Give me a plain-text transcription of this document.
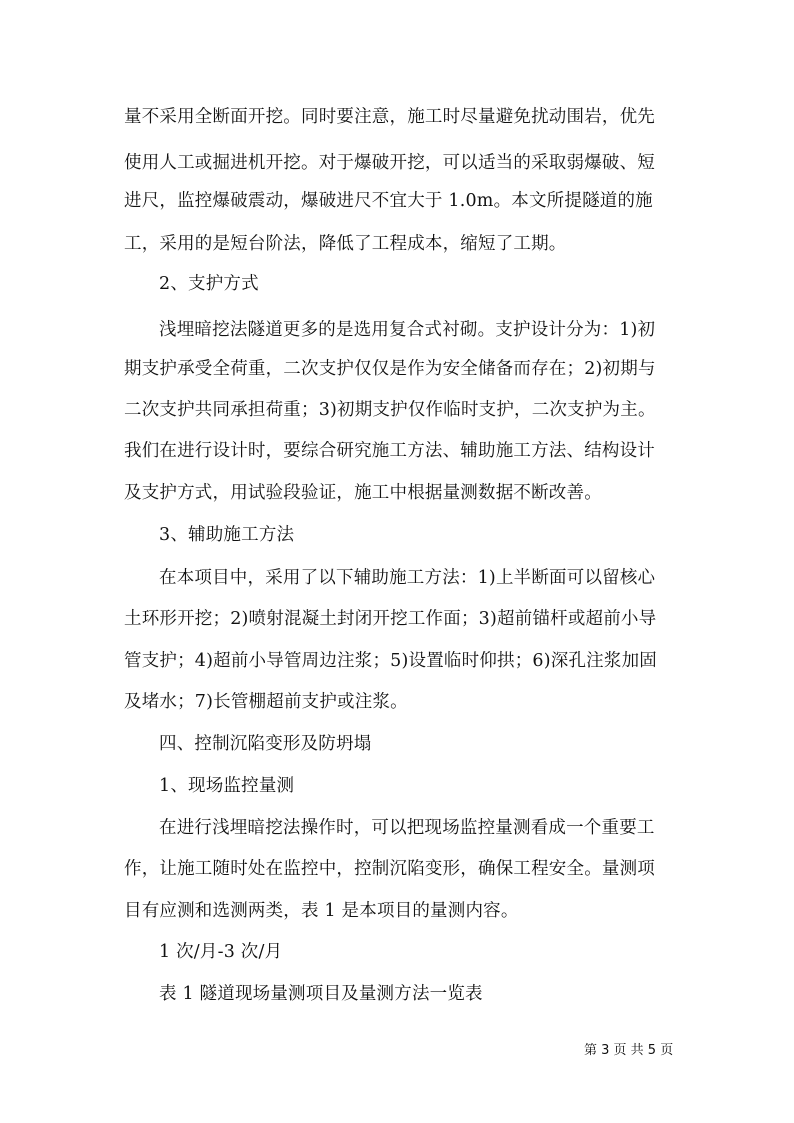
量不采用全断面开挖。同时要注意，施工时尽量避免扰动围岩，优先
使用人工或掘进机开挖。对于爆破开挖，可以适当的采取弱爆破、短
进尺，监控爆破震动，爆破进尺不宜大于 1.0m。本文所提隧道的施
工，采用的是短台阶法，降低了工程成本，缩短了工期。
2、支护方式
浅埋暗挖法隧道更多的是选用复合式衬砌。支护设计分为：1)初
期支护承受全荷重，二次支护仅仅是作为安全储备而存在；2)初期与
二次支护共同承担荷重；3)初期支护仅作临时支护，二次支护为主。
我们在进行设计时，要综合研究施工方法、辅助施工方法、结构设计
及支护方式，用试验段验证，施工中根据量测数据不断改善。
3、辅助施工方法
在本项目中，采用了以下辅助施工方法：1)上半断面可以留核心
土环形开挖；2)喷射混凝土封闭开挖工作面；3)超前锚杆或超前小导
管支护；4)超前小导管周边注浆；5)设置临时仰拱；6)深孔注浆加固
及堵水；7)长管棚超前支护或注浆。
四、控制沉陷变形及防坍塌
1、现场监控量测
在进行浅埋暗挖法操作时，可以把现场监控量测看成一个重要工
作，让施工随时处在监控中，控制沉陷变形，确保工程安全。量测项
目有应测和选测两类，表 1 是本项目的量测内容。
1 次/月-3 次/月
表 1 隧道现场量测项目及量测方法一览表
第 3 页 共 5 页
